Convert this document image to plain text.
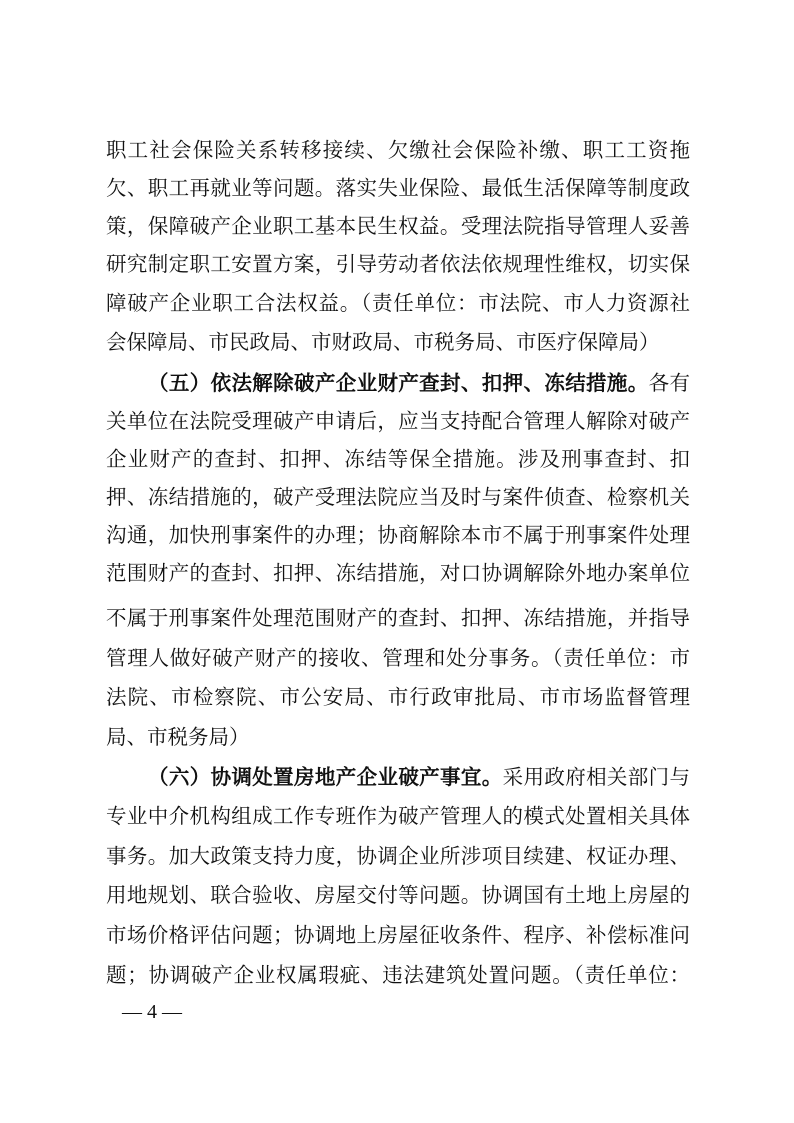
职工社会保险关系转移接续、欠缴社会保险补缴、职工工资拖
欠、职工再就业等问题。落实失业保险、最低生活保障等制度政
策，保障破产企业职工基本民生权益。受理法院指导管理人妥善
研究制定职工安置方案，引导劳动者依法依规理性维权，切实保
障破产企业职工合法权益。（责任单位：市法院、市人力资源社
会保障局、市民政局、市财政局、市税务局、市医疗保障局）
（五）依法解除破产企业财产查封、扣押、冻结措施。各有
关单位在法院受理破产申请后，应当支持配合管理人解除对破产
企业财产的查封、扣押、冻结等保全措施。涉及刑事查封、扣
押、冻结措施的，破产受理法院应当及时与案件侦查、检察机关
沟通，加快刑事案件的办理；协商解除本市不属于刑事案件处理
范围财产的查封、扣押、冻结措施，对口协调解除外地办案单位
不属于刑事案件处理范围财产的查封、扣押、冻结措施，并指导
管理人做好破产财产的接收、管理和处分事务。（责任单位：市
法院、市检察院、市公安局、市行政审批局、市市场监督管理
局、市税务局）
（六）协调处置房地产企业破产事宜。采用政府相关部门与
专业中介机构组成工作专班作为破产管理人的模式处置相关具体
事务。加大政策支持力度，协调企业所涉项目续建、权证办理、
用地规划、联合验收、房屋交付等问题。协调国有土地上房屋的
市场价格评估问题；协调地上房屋征收条件、程序、补偿标准问
题；协调破产企业权属瑕疵、违法建筑处置问题。（责任单位：
— 4 —
